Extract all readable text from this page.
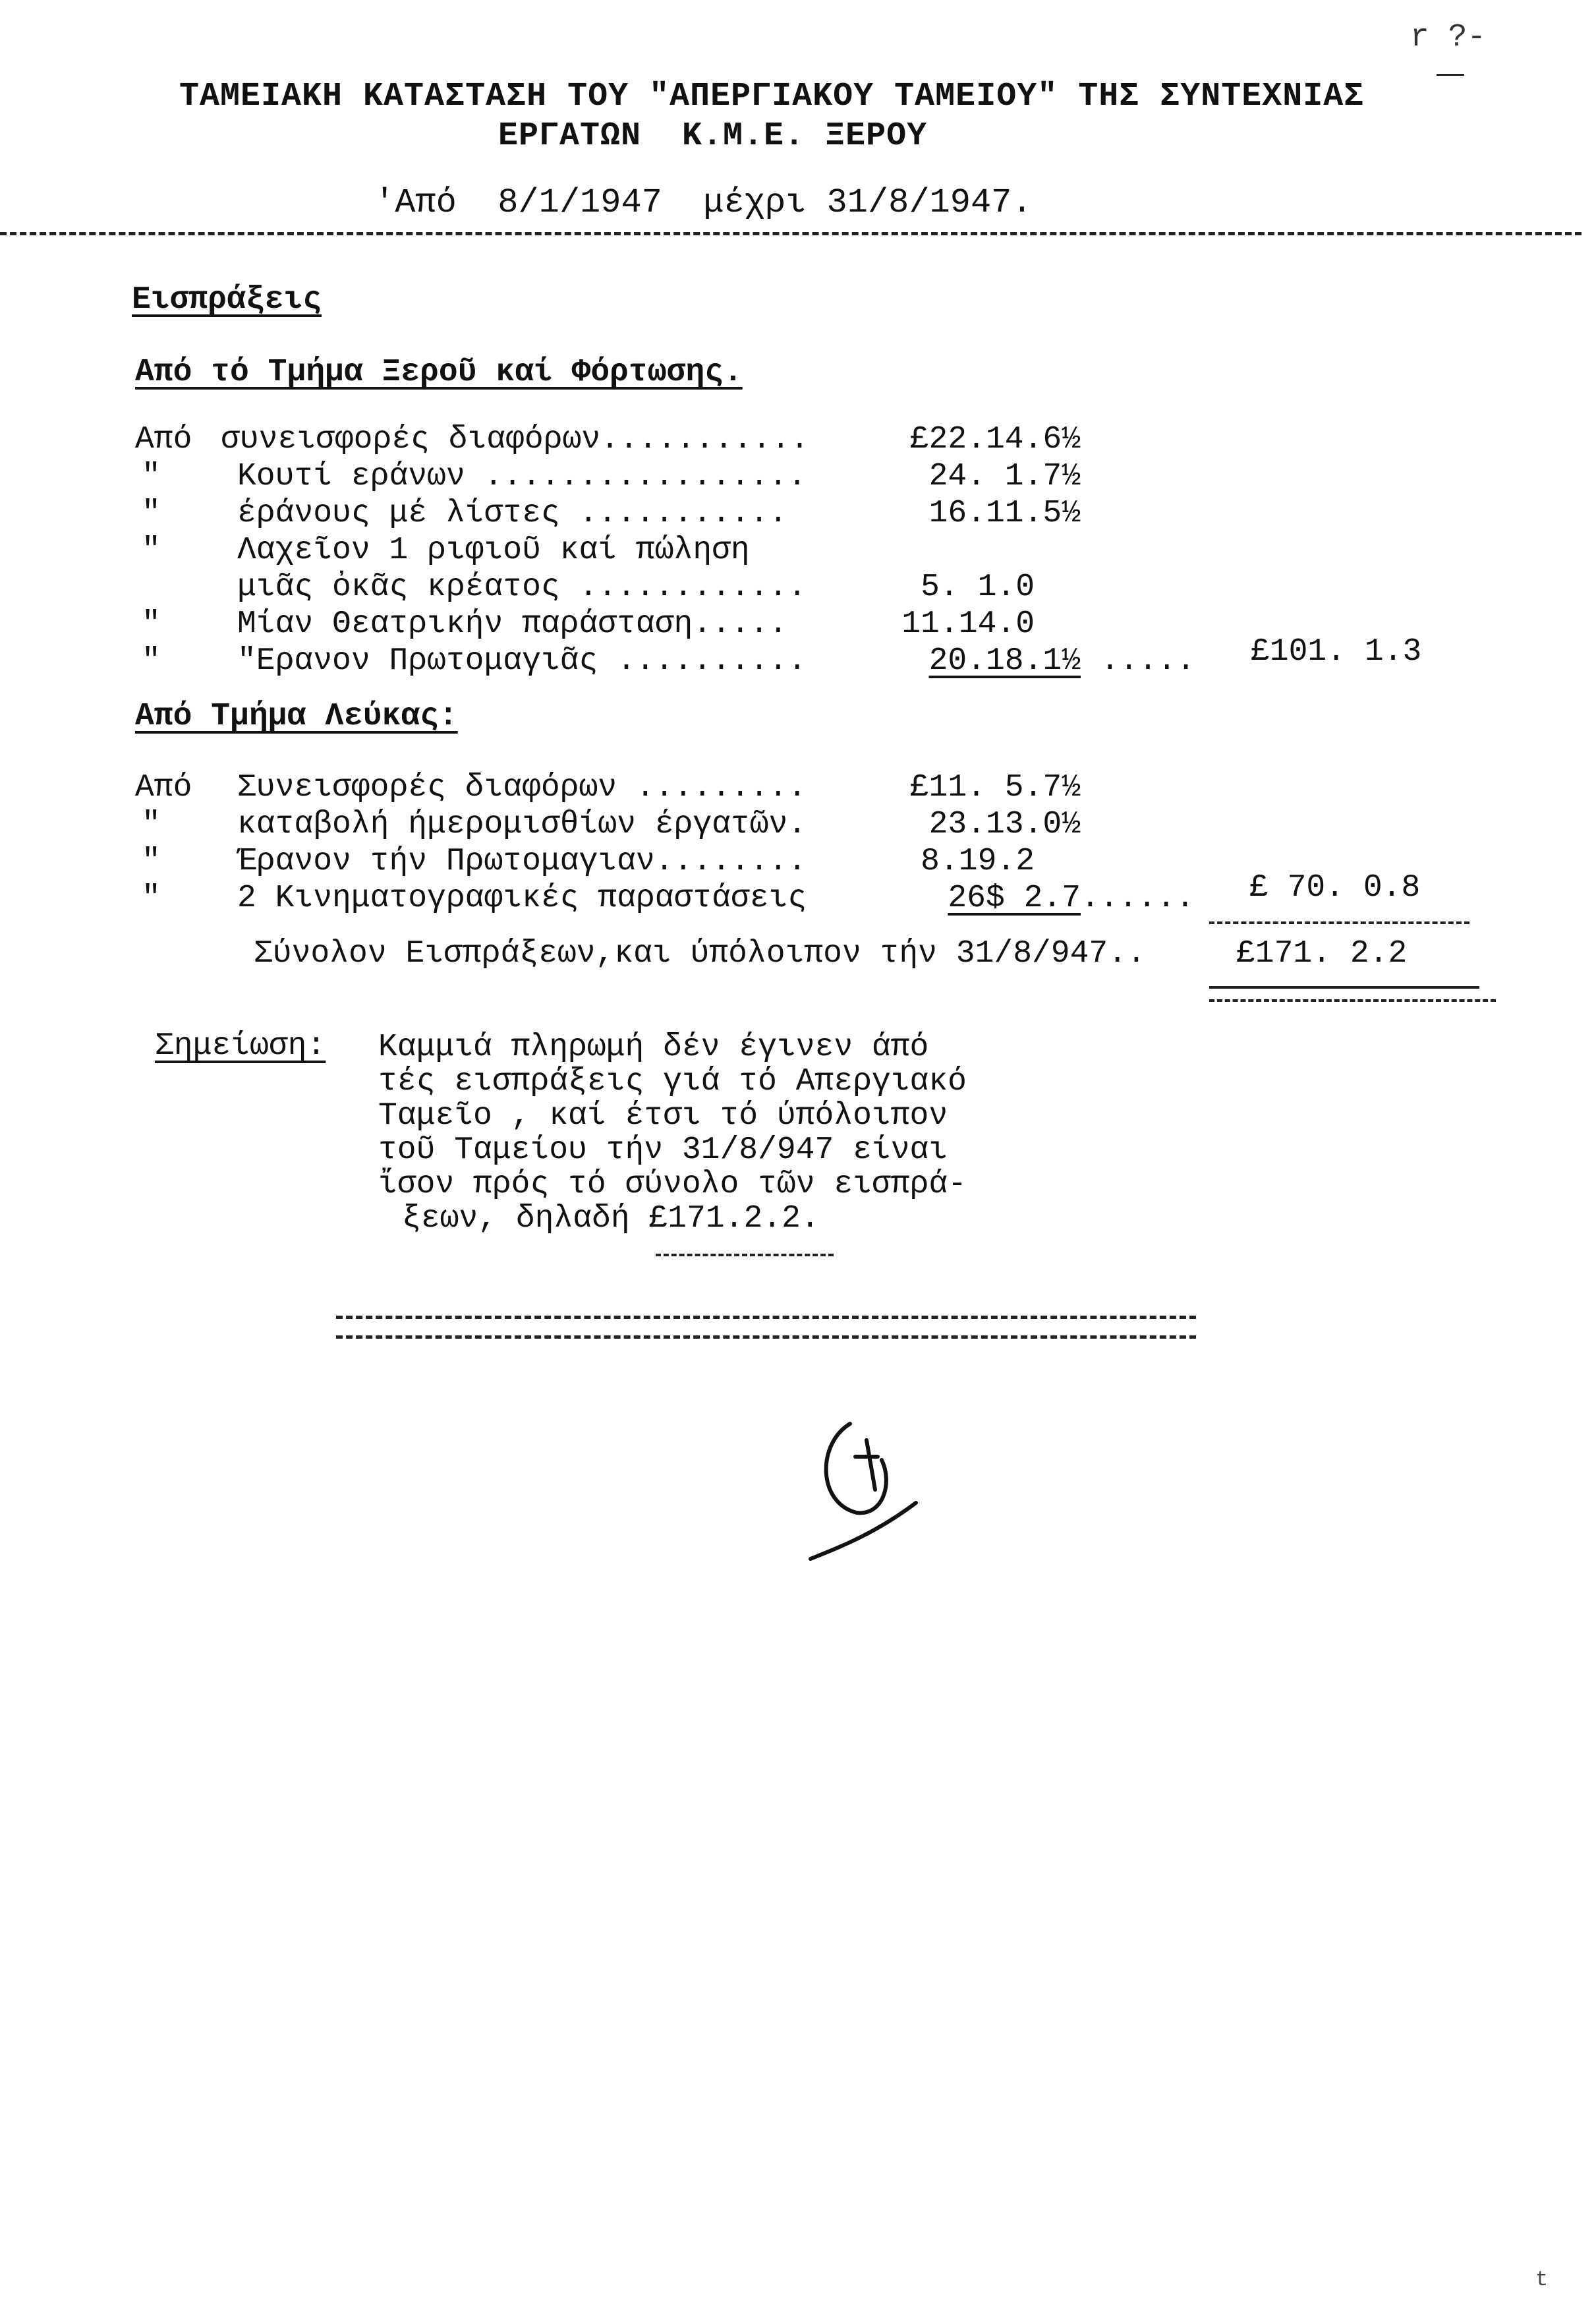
ΤΑΜΕΙΑΚΗ ΚΑΤΑΣΤΑΣΗ ΤΟΥ "ΑΠΕΡΓΙΑΚΟΥ ΤΑΜΕΙΟΥ" ΤΗΣ ΣΥΝΤΕΧΝΙΑΣ
ΕΡΓΑΤΩΝ  Κ.Μ.Ε. ΞΕΡΟΥ
'Από  8/1/1947  μέχρι 31/8/1947.
r ?-
Εισπράξεις
Από τό Τμήμα Ξεροῦ καί Φόρτωσης.
Από συνεισφορές διαφόρων...........	£22.14.6½
" Κουτί εράνων .................	24. 1.7½
" έράνους μέ λίστες ...........	16.11.5½
" Λαχεῖον 1 ριφιοῦ καί πώληση
μιᾶς ὀκᾶς κρέατος ............	5. 1.0
" Μίαν Θεατρικήν παράσταση.....	11.14.0
" "Ερανον Πρωτομαγιᾶς ..........	20.18.1½ ..... £101. 1.3
Από Τμήμα Λεύκας:
Από Συνεισφορές διαφόρων .........	£11. 5.7½
" καταβολή ήμερομισθίων έργατῶν.	23.13.0½
" Έρανον τήν Πρωτομαγιαν........	8.19.2
" 2 Κινηματογραφικές παραστάσεις	26$ 2.7 ...... £ 70. 0.8
Σύνολον Εισπράξεων,και ύπόλοιπον τήν 31/8/947..	£171. 2.2
Σημείωση: Καμμιά πληρωμή δέν έγινεν άπό
τές εισπράξεις γιά τό Απεργιακό
Ταμεῖο , καί έτσι τό ύπόλοιπον
τοῦ Ταμείου τήν 31/8/947 είναι
ἴσον πρός τό σύνολο τῶν εισπρά-
ξεων, δηλαδή £171.2.2.
t
